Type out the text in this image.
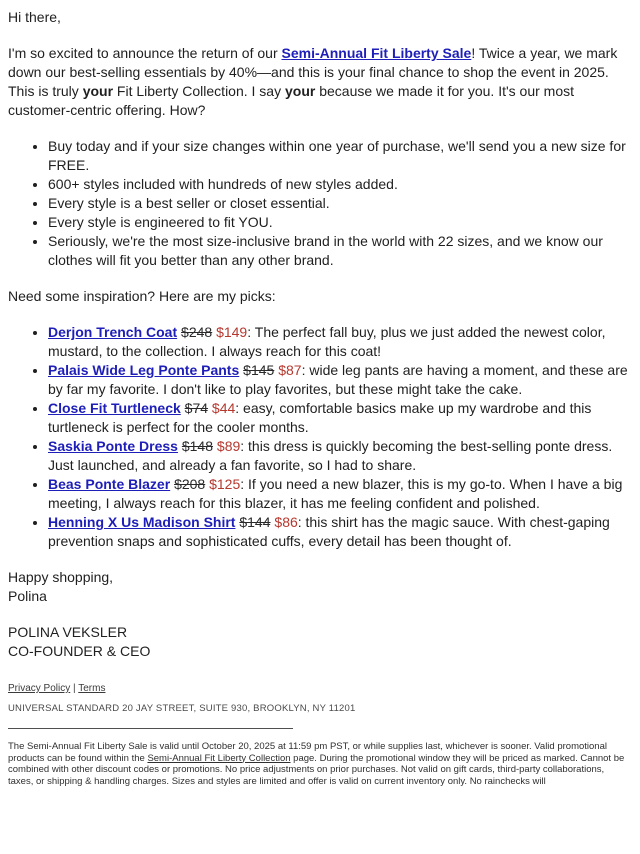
Hi there,

I'm so excited to announce the return of our Semi-Annual Fit Liberty Sale! Twice a year, we mark down our best-selling essentials by 40%—and this is your final chance to shop the event in 2025. This is truly your Fit Liberty Collection. I say your because we made it for you. It's our most customer-centric offering. How?

• Buy today and if your size changes within one year of purchase, we'll send you a new size for FREE.
• 600+ styles included with hundreds of new styles added.
• Every style is a best seller or closet essential.
• Every style is engineered to fit YOU.
• Seriously, we're the most size-inclusive brand in the world with 22 sizes, and we know our clothes will fit you better than any other brand.

Need some inspiration? Here are my picks:

• Derjon Trench Coat $248 $149: The perfect fall buy, plus we just added the newest color, mustard, to the collection. I always reach for this coat!
• Palais Wide Leg Ponte Pants $145 $87: wide leg pants are having a moment, and these are by far my favorite. I don't like to play favorites, but these might take the cake.
• Close Fit Turtleneck $74 $44: easy, comfortable basics make up my wardrobe and this turtleneck is perfect for the cooler months.
• Saskia Ponte Dress $148 $89: this dress is quickly becoming the best-selling ponte dress. Just launched, and already a fan favorite, so I had to share.
• Beas Ponte Blazer $208 $125: If you need a new blazer, this is my go-to. When I have a big meeting, I always reach for this blazer, it has me feeling confident and polished.
• Henning X Us Madison Shirt $144 $86: this shirt has the magic sauce. With chest-gaping prevention snaps and sophisticated cuffs, every detail has been thought of.

Happy shopping,
Polina

POLINA VEKSLER
CO-FOUNDER & CEO

Privacy Policy | Terms

UNIVERSAL STANDARD 20 JAY STREET, SUITE 930, BROOKLYN, NY 11201

The Semi-Annual Fit Liberty Sale is valid until October 20, 2025 at 11:59 pm PST, or while supplies last, whichever is sooner. Valid promotional products can be found within the Semi-Annual Fit Liberty Collection page. During the promotional window they will be priced as marked. Cannot be combined with other discount codes or promotions. No price adjustments on prior purchases. Not valid on gift cards, third-party collaborations, taxes, or shipping & handling charges. Sizes and styles are limited and offer is valid on current inventory only. No rainchecks will
